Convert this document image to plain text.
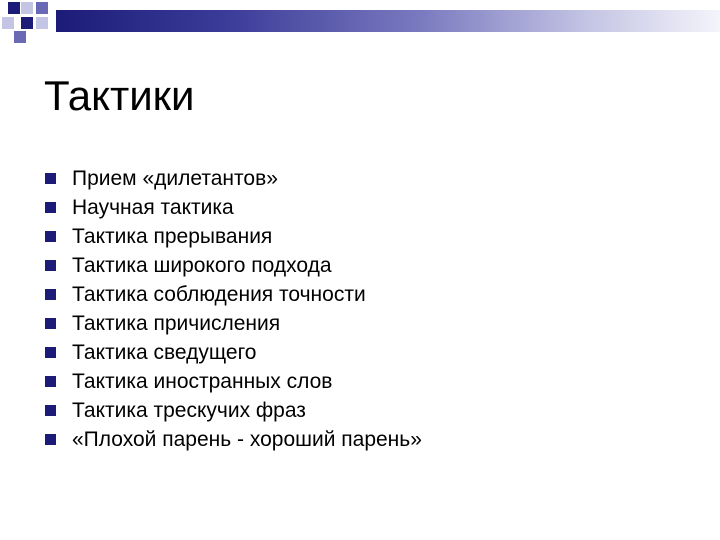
Тактики
Прием «дилетантов»
Научная тактика
Тактика прерывания
Тактика широкого подхода
Тактика соблюдения точности
Тактика причисления
Тактика сведущего
Тактика иностранных слов
Тактика трескучих фраз
«Плохой парень - хороший парень»
